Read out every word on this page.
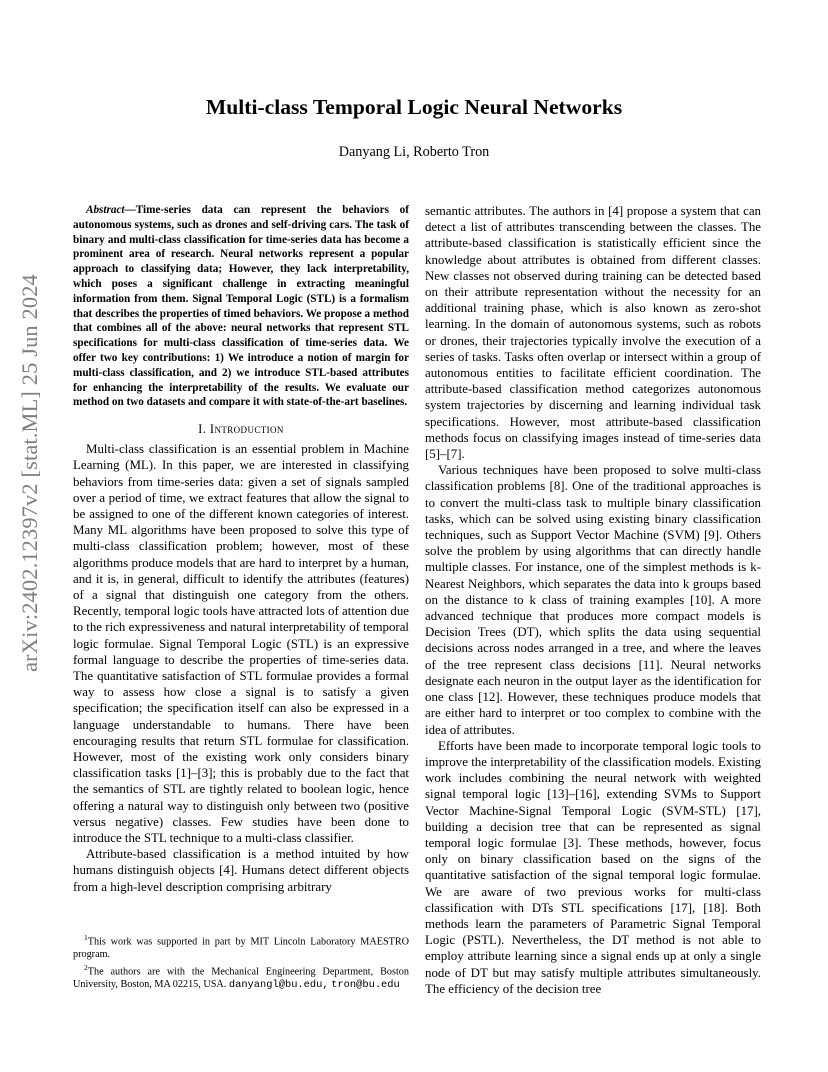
arXiv:2402.12397v2 [stat.ML] 25 Jun 2024
Multi-class Temporal Logic Neural Networks
Danyang Li, Roberto Tron

Abstract—Time-series data can represent the behaviors of autonomous systems, such as drones and self-driving cars. The task of binary and multi-class classification for time-series data has become a prominent area of research. Neural networks represent a popular approach to classifying data; However, they lack interpretability, which poses a significant challenge in extracting meaningful information from them. Signal Temporal Logic (STL) is a formalism that describes the properties of timed behaviors. We propose a method that combines all of the above: neural networks that represent STL specifications for multi-class classification of time-series data. We offer two key contributions: 1) We introduce a notion of margin for multi-class classification, and 2) we introduce STL-based attributes for enhancing the interpretability of the results. We evaluate our method on two datasets and compare it with state-of-the-art baselines.

I. Introduction

Multi-class classification is an essential problem in Machine Learning (ML). In this paper, we are interested in classifying behaviors from time-series data: given a set of signals sampled over a period of time, we extract features that allow the signal to be assigned to one of the different known categories of interest. Many ML algorithms have been proposed to solve this type of multi-class classification problem; however, most of these algorithms produce models that are hard to interpret by a human, and it is, in general, difficult to identify the attributes (features) of a signal that distinguish one category from the others. Recently, temporal logic tools have attracted lots of attention due to the rich expressiveness and natural interpretability of temporal logic formulae. Signal Temporal Logic (STL) is an expressive formal language to describe the properties of time-series data. The quantitative satisfaction of STL formulae provides a formal way to assess how close a signal is to satisfy a given specification; the specification itself can also be expressed in a language understandable to humans. There have been encouraging results that return STL formulae for classification. However, most of the existing work only considers binary classification tasks [1]–[3]; this is probably due to the fact that the semantics of STL are tightly related to boolean logic, hence offering a natural way to distinguish only between two (positive versus negative) classes. Few studies have been done to introduce the STL technique to a multi-class classifier.

Attribute-based classification is a method intuited by how humans distinguish objects [4]. Humans detect different objects from a high-level description comprising arbitrary

$^1$This work was supported in part by MIT Lincoln Laboratory MAESTRO program.

$^2$The authors are with the Mechanical Engineering Department, Boston University, Boston, MA 02215, USA. danyangl@bu.edu, tron@bu.edu

semantic attributes. The authors in [4] propose a system that can detect a list of attributes transcending between the classes. The attribute-based classification is statistically efficient since the knowledge about attributes is obtained from different classes. New classes not observed during training can be detected based on their attribute representation without the necessity for an additional training phase, which is also known as zero-shot learning. In the domain of autonomous systems, such as robots or drones, their trajectories typically involve the execution of a series of tasks. Tasks often overlap or intersect within a group of autonomous entities to facilitate efficient coordination. The attribute-based classification method categorizes autonomous system trajectories by discerning and learning individual task specifications. However, most attribute-based classification methods focus on classifying images instead of time-series data [5]–[7].

Various techniques have been proposed to solve multi-class classification problems [8]. One of the traditional approaches is to convert the multi-class task to multiple binary classification tasks, which can be solved using existing binary classification techniques, such as Support Vector Machine (SVM) [9]. Others solve the problem by using algorithms that can directly handle multiple classes. For instance, one of the simplest methods is k-Nearest Neighbors, which separates the data into k groups based on the distance to k class of training examples [10]. A more advanced technique that produces more compact models is Decision Trees (DT), which splits the data using sequential decisions across nodes arranged in a tree, and where the leaves of the tree represent class decisions [11]. Neural networks designate each neuron in the output layer as the identification for one class [12]. However, these techniques produce models that are either hard to interpret or too complex to combine with the idea of attributes.

Efforts have been made to incorporate temporal logic tools to improve the interpretability of the classification models. Existing work includes combining the neural network with weighted signal temporal logic [13]–[16], extending SVMs to Support Vector Machine-Signal Temporal Logic (SVM-STL) [17], building a decision tree that can be represented as signal temporal logic formulae [3]. These methods, however, focus only on binary classification based on the signs of the quantitative satisfaction of the signal temporal logic formulae. We are aware of two previous works for multi-class classification with DTs STL specifications [17], [18]. Both methods learn the parameters of Parametric Signal Temporal Logic (PSTL). Nevertheless, the DT method is not able to employ attribute learning since a signal ends up at only a single node of DT but may satisfy multiple attributes simultaneously. The efficiency of the decision tree
